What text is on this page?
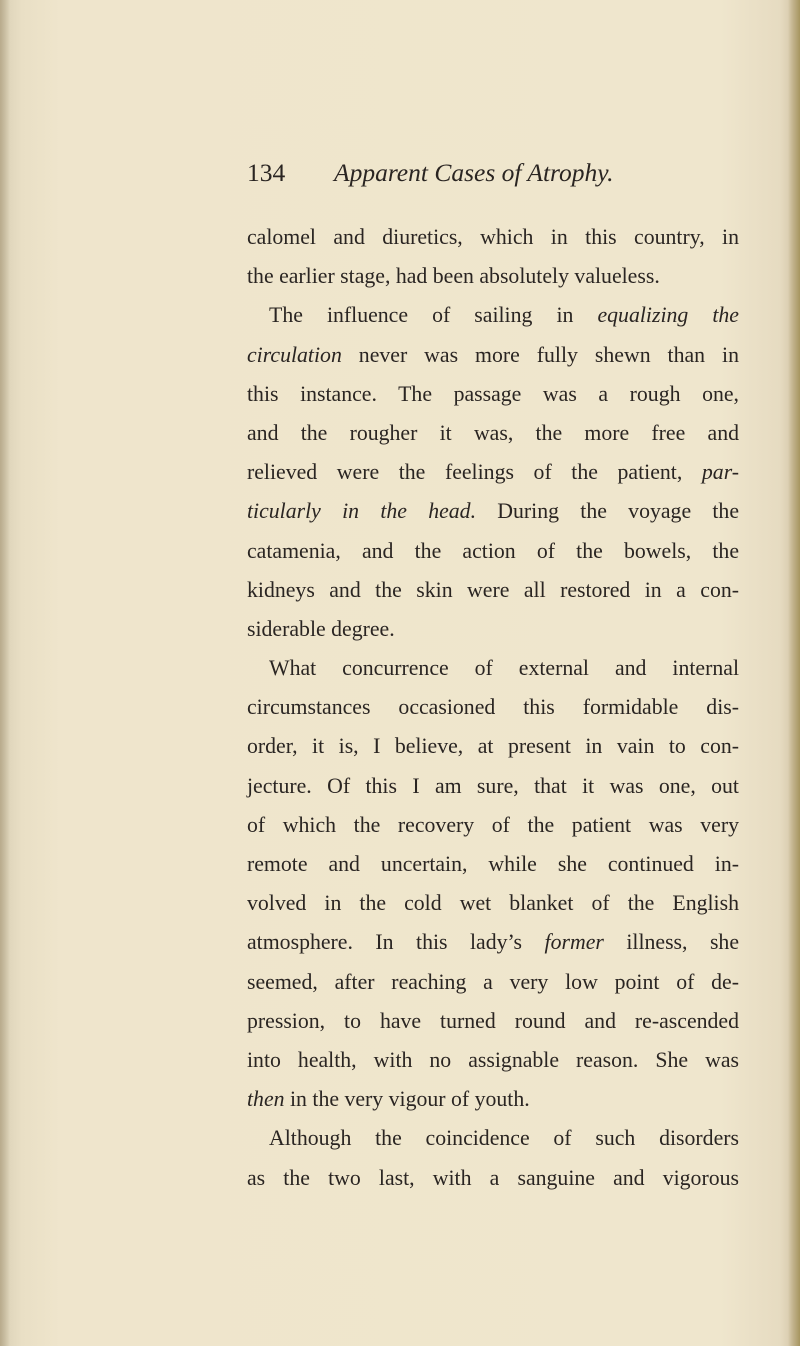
134 Apparent Cases of Atrophy.
calomel and diuretics, which in this country, in
the earlier stage, had been absolutely valueless.
The influence of sailing in equalizing the
circulation never was more fully shewn than in
this instance. The passage was a rough one,
and the rougher it was, the more free and
relieved were the feelings of the patient, par-
ticularly in the head. During the voyage the
catamenia, and the action of the bowels, the
kidneys and the skin were all restored in a con-
siderable degree.
What concurrence of external and internal
circumstances occasioned this formidable dis-
order, it is, I believe, at present in vain to con-
jecture. Of this I am sure, that it was one, out
of which the recovery of the patient was very
remote and uncertain, while she continued in-
volved in the cold wet blanket of the English
atmosphere. In this lady’s former illness, she
seemed, after reaching a very low point of de-
pression, to have turned round and re-ascended
into health, with no assignable reason. She was
then in the very vigour of youth.
Although the coincidence of such disorders
as the two last, with a sanguine and vigorous
